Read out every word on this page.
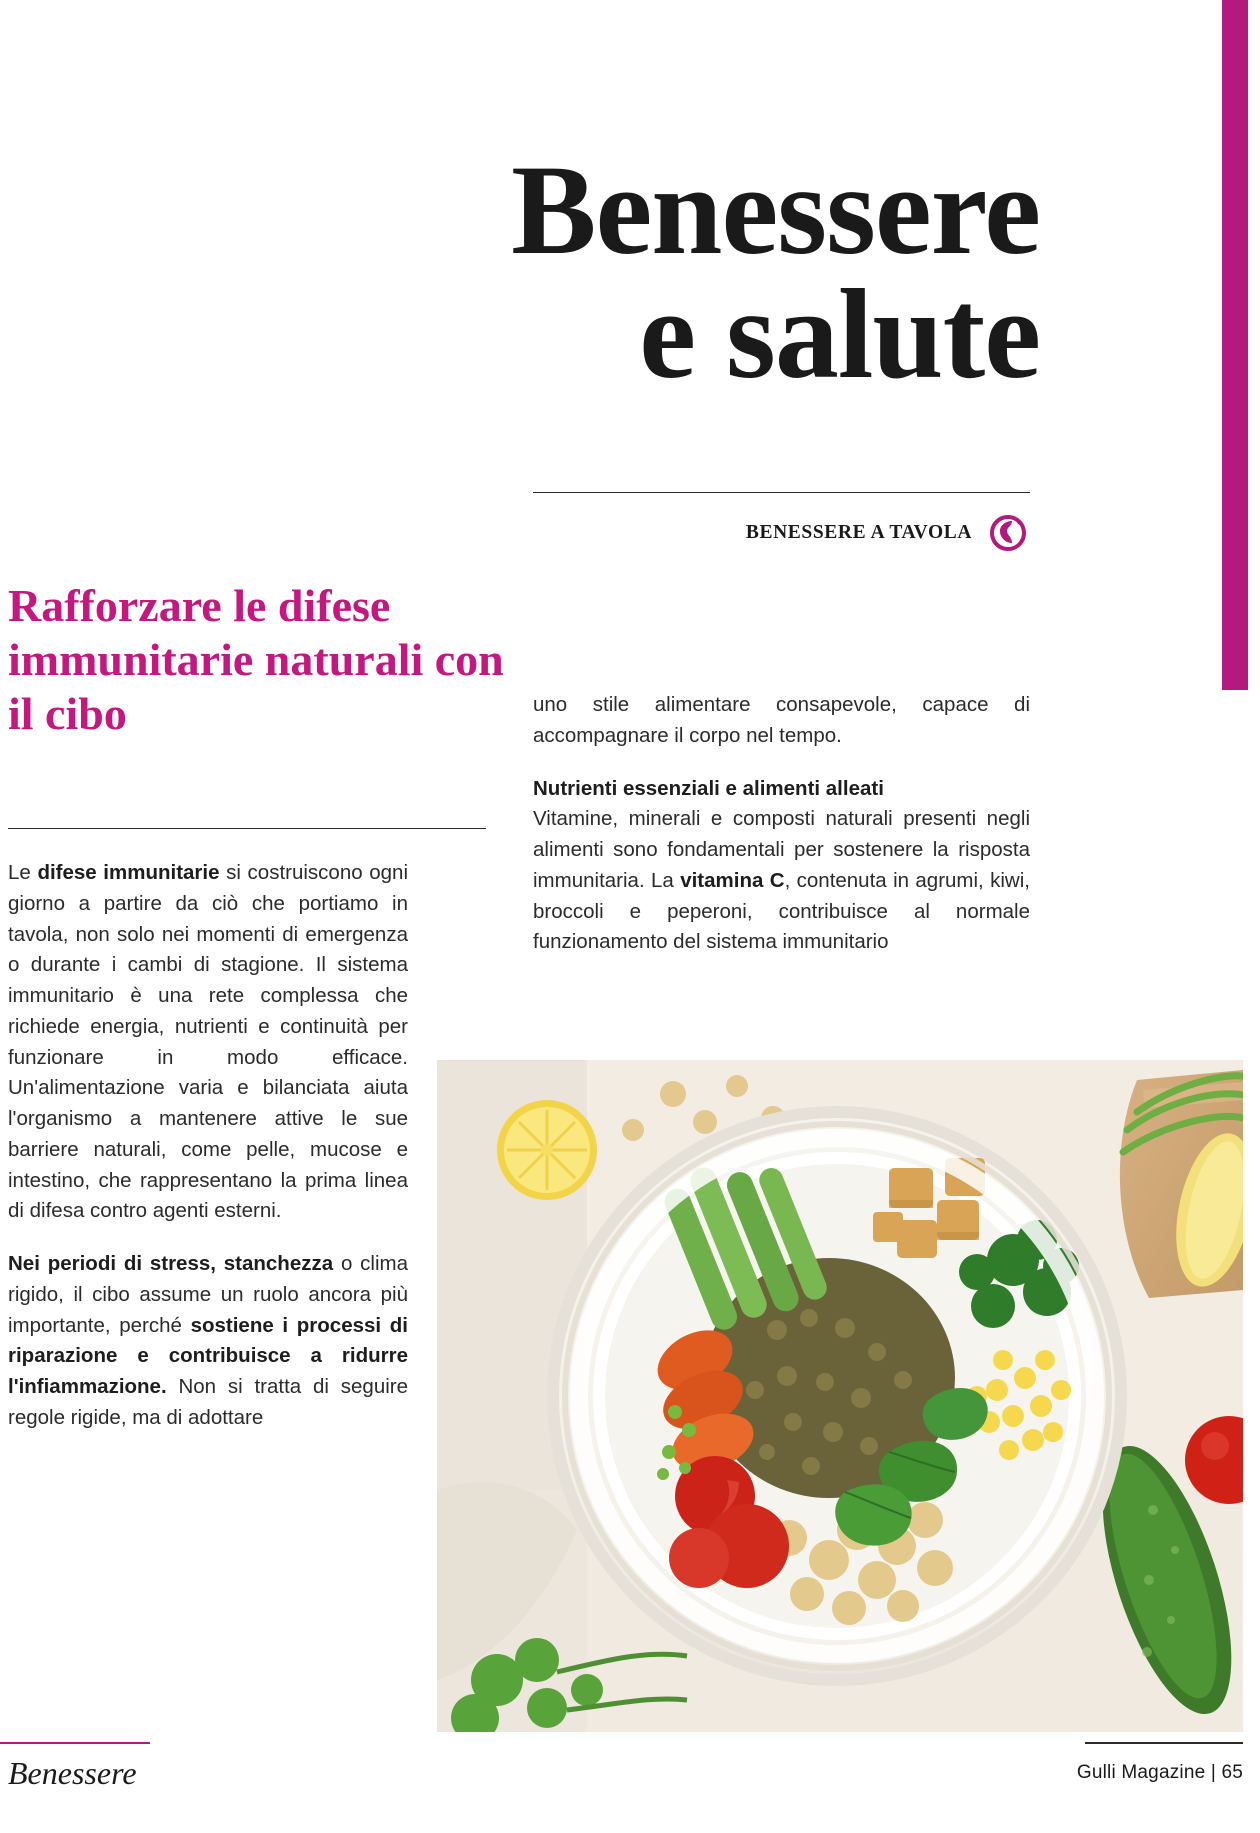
Benessere
e salute
BENESSERE A TAVOLA
Rafforzare le difese immunitarie naturali con il cibo

Le difese immunitarie si costruiscono ogni giorno a partire da ciò che portiamo in tavola, non solo nei momenti di emergenza o durante i cambi di stagione. Il sistema immunitario è una rete complessa che richiede energia, nutrienti e continuità per funzionare in modo efficace. Un'alimentazione varia e bilanciata aiuta l'organismo a mantenere attive le sue barriere naturali, come pelle, mucose e intestino, che rappresentano la prima linea di difesa contro agenti esterni.

Nei periodi di stress, stanchezza o clima rigido, il cibo assume un ruolo ancora più importante, perché sostiene i processi di riparazione e contribuisce a ridurre l'infiammazione. Non si tratta di seguire regole rigide, ma di adottare

uno stile alimentare consapevole, capace di accompagnare il corpo nel tempo.

Nutrienti essenziali e alimenti alleati
Vitamine, minerali e composti naturali presenti negli alimenti sono fondamentali per sostenere la risposta immunitaria. La vitamina C, contenuta in agrumi, kiwi, broccoli e peperoni, contribuisce al normale funzionamento del sistema immunitario

Benessere	Gulli Magazine | 65
